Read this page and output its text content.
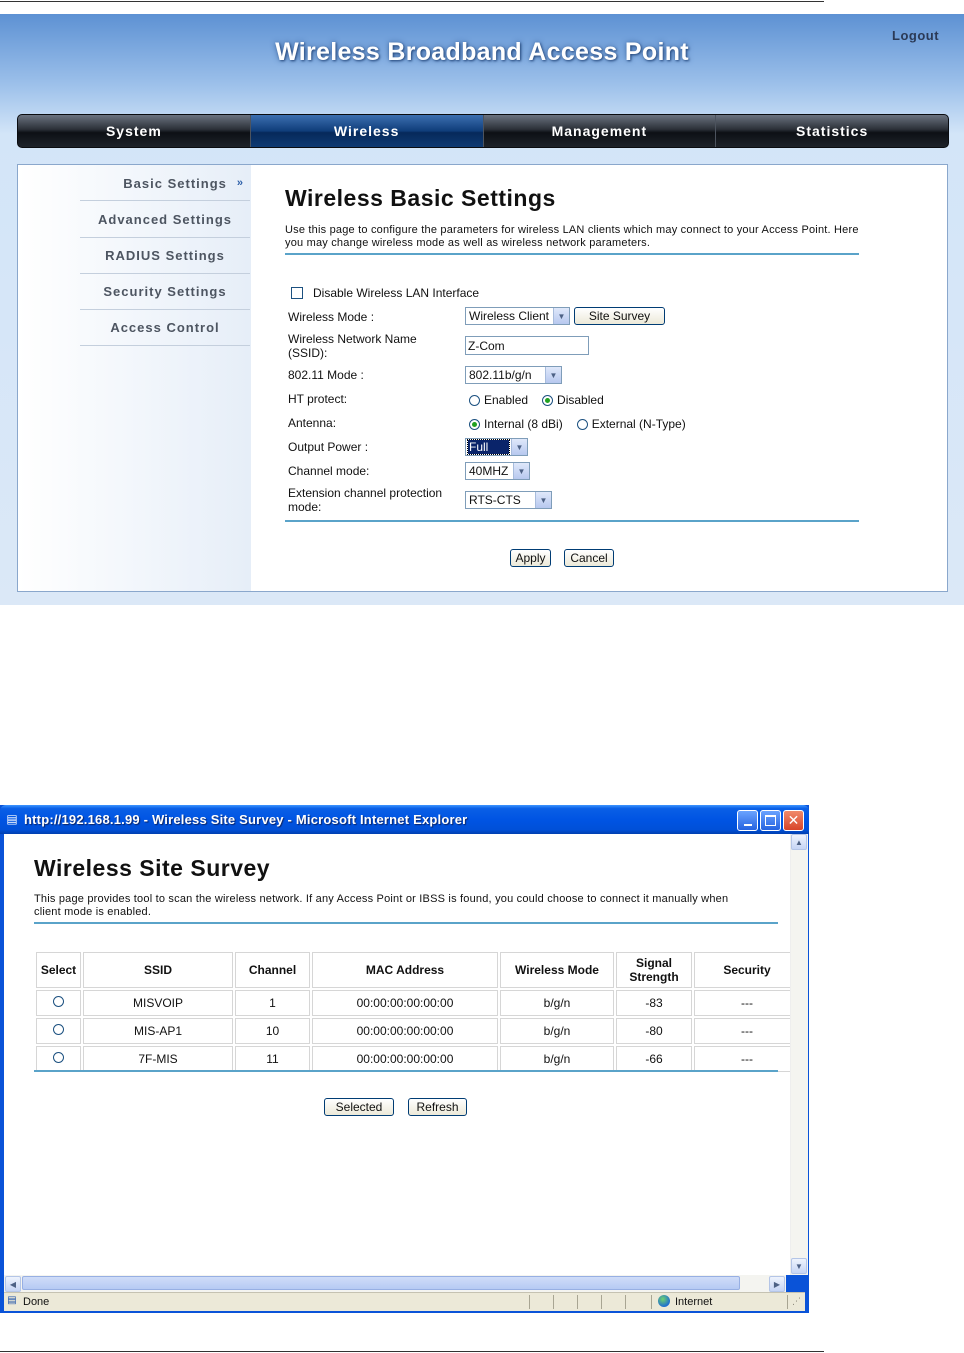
Wireless Broadband Access Point
Logout
System	Wireless	Management	Statistics
Basic Settings »
Advanced Settings
RADIUS Settings
Security Settings
Access Control
Wireless Basic Settings
Use this page to configure the parameters for wireless LAN clients which may connect to your Access Point. Here you may change wireless mode as well as wireless network parameters.
Disable Wireless LAN Interface
Wireless Mode :	Wireless Client	▼	Site Survey
Wireless Network Name (SSID):
Z-Com
802.11 Mode :	802.11b/g/n	▼
HT protect:	Enabled Disabled
Antenna:	Internal (8 dBi) External (N-Type)
Output Power :	Full	▼
Channel mode:	40MHZ	▼
Extension channel protection mode:	RTS-CTS	▼
Apply	Cancel
▤ http://192.168.1.99 - Wireless Site Survey - Microsoft Internet Explorer	✕
Wireless Site Survey
This page provides tool to scan the wireless network. If any Access Point or IBSS is found, you could choose to connect it manually when client mode is enabled.
Select	SSID	Channel	MAC Address	Wireless Mode	Signal Strength	Security
	MISVOIP	1	00:00:00:00:00:00	b/g/n	-83	---
	MIS-AP1	10	00:00:00:00:00:00	b/g/n	-80	---
	7F-MIS	11	00:00:00:00:00:00	b/g/n	-66	---
Selected	Refresh
▲
▼
◀	▶
▤ Done	Internet	⋰
